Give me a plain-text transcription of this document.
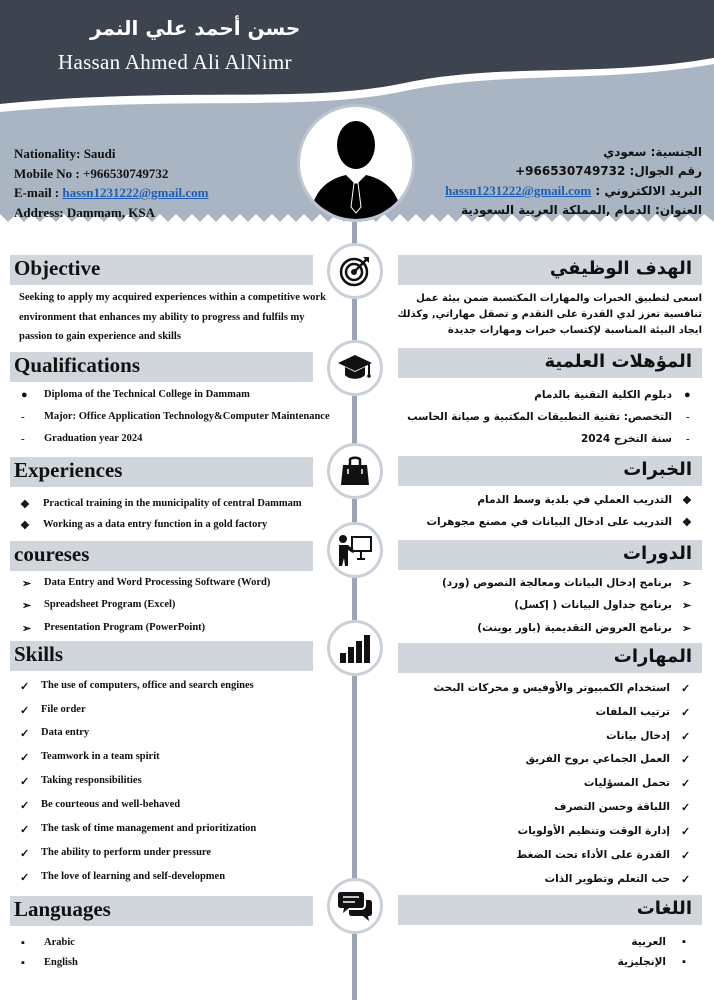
حسن أحمد علي النمر
Hassan Ahmed Ali AlNimr
Nationality: Saudi
Mobile No : +966530749732
E-mail : hassn1231222@gmail.com
Address: Dammam, KSA
الجنسية: سعودي
رقم الجوال: 966530749732+
البريد الالكتروني : hassn1231222@gmail.com
العنوان: الدمام ,المملكة العربية السعودية
Objective	الهدف الوظيفي
Seeking to apply my acquired experiences within a competitive work environment that enhances my ability to progress and fulfils my passion to gain experience and skills
اسعى لتطبيق الخبرات والمهارات المكتسبة ضمن بيئة عمل تنافسية تعزز لدي القدرة على التقدم و تصقل مهاراتي, وكذلك ايجاد البيئة المناسبة لإكتساب خبرات ومهارات جديدة
Qualifications	المؤهلات العلمية
● Diploma of the Technical College in Dammam
- Major: Office Application Technology&Computer Maintenance
- Graduation year 2024
دبلوم الكلية التقنية بالدمام ●
التخصص: تقنية التطبيقات المكتبية و صيانة الحاسب -
سنة التخرج 2024 -
Experiences	الخبرات
❖ Practical training in the municipality of central Dammam
❖ Working as a data entry function in a gold factory
التدريب العملي في بلدية وسط الدمام ❖
التدريب على ادخال البيانات في مصنع مجوهرات ❖
coureses	الدورات
➢ Data Entry and Word Processing Software (Word)
➢ Spreadsheet Program (Excel)
➢ Presentation Program (PowerPoint)
برنامج إدخال البيانات ومعالجة النصوص (ورد) ➢
برنامج جداول البيانات ( إكسل) ➢
برنامج العروض التقديمية (باور بوينت) ➢
Skills	المهارات
✓ The use of computers, office and search engines
✓ File order
✓ Data entry
✓ Teamwork in a team spirit
✓ Taking responsibilities
✓ Be courteous and well-behaved
✓ The task of time management and prioritization
✓ The ability to perform under pressure
✓ The love of learning and self-developmen
استخدام الكمبيوتر والأوفيس و محركات البحث ✓
ترتيب الملفات ✓
إدخال بيانات ✓
العمل الجماعي بروح الفريق ✓
تحمل المسؤليات ✓
اللباقة وحسن التصرف ✓
إدارة الوقت وتنظيم الأولويات ✓
القدرة على الأداء تحت الضغط ✓
حب التعلم وتطوير الذات ✓
Languages	اللغات
▪ Arabic
▪ English
العربية ▪
الإنجليزية ▪
